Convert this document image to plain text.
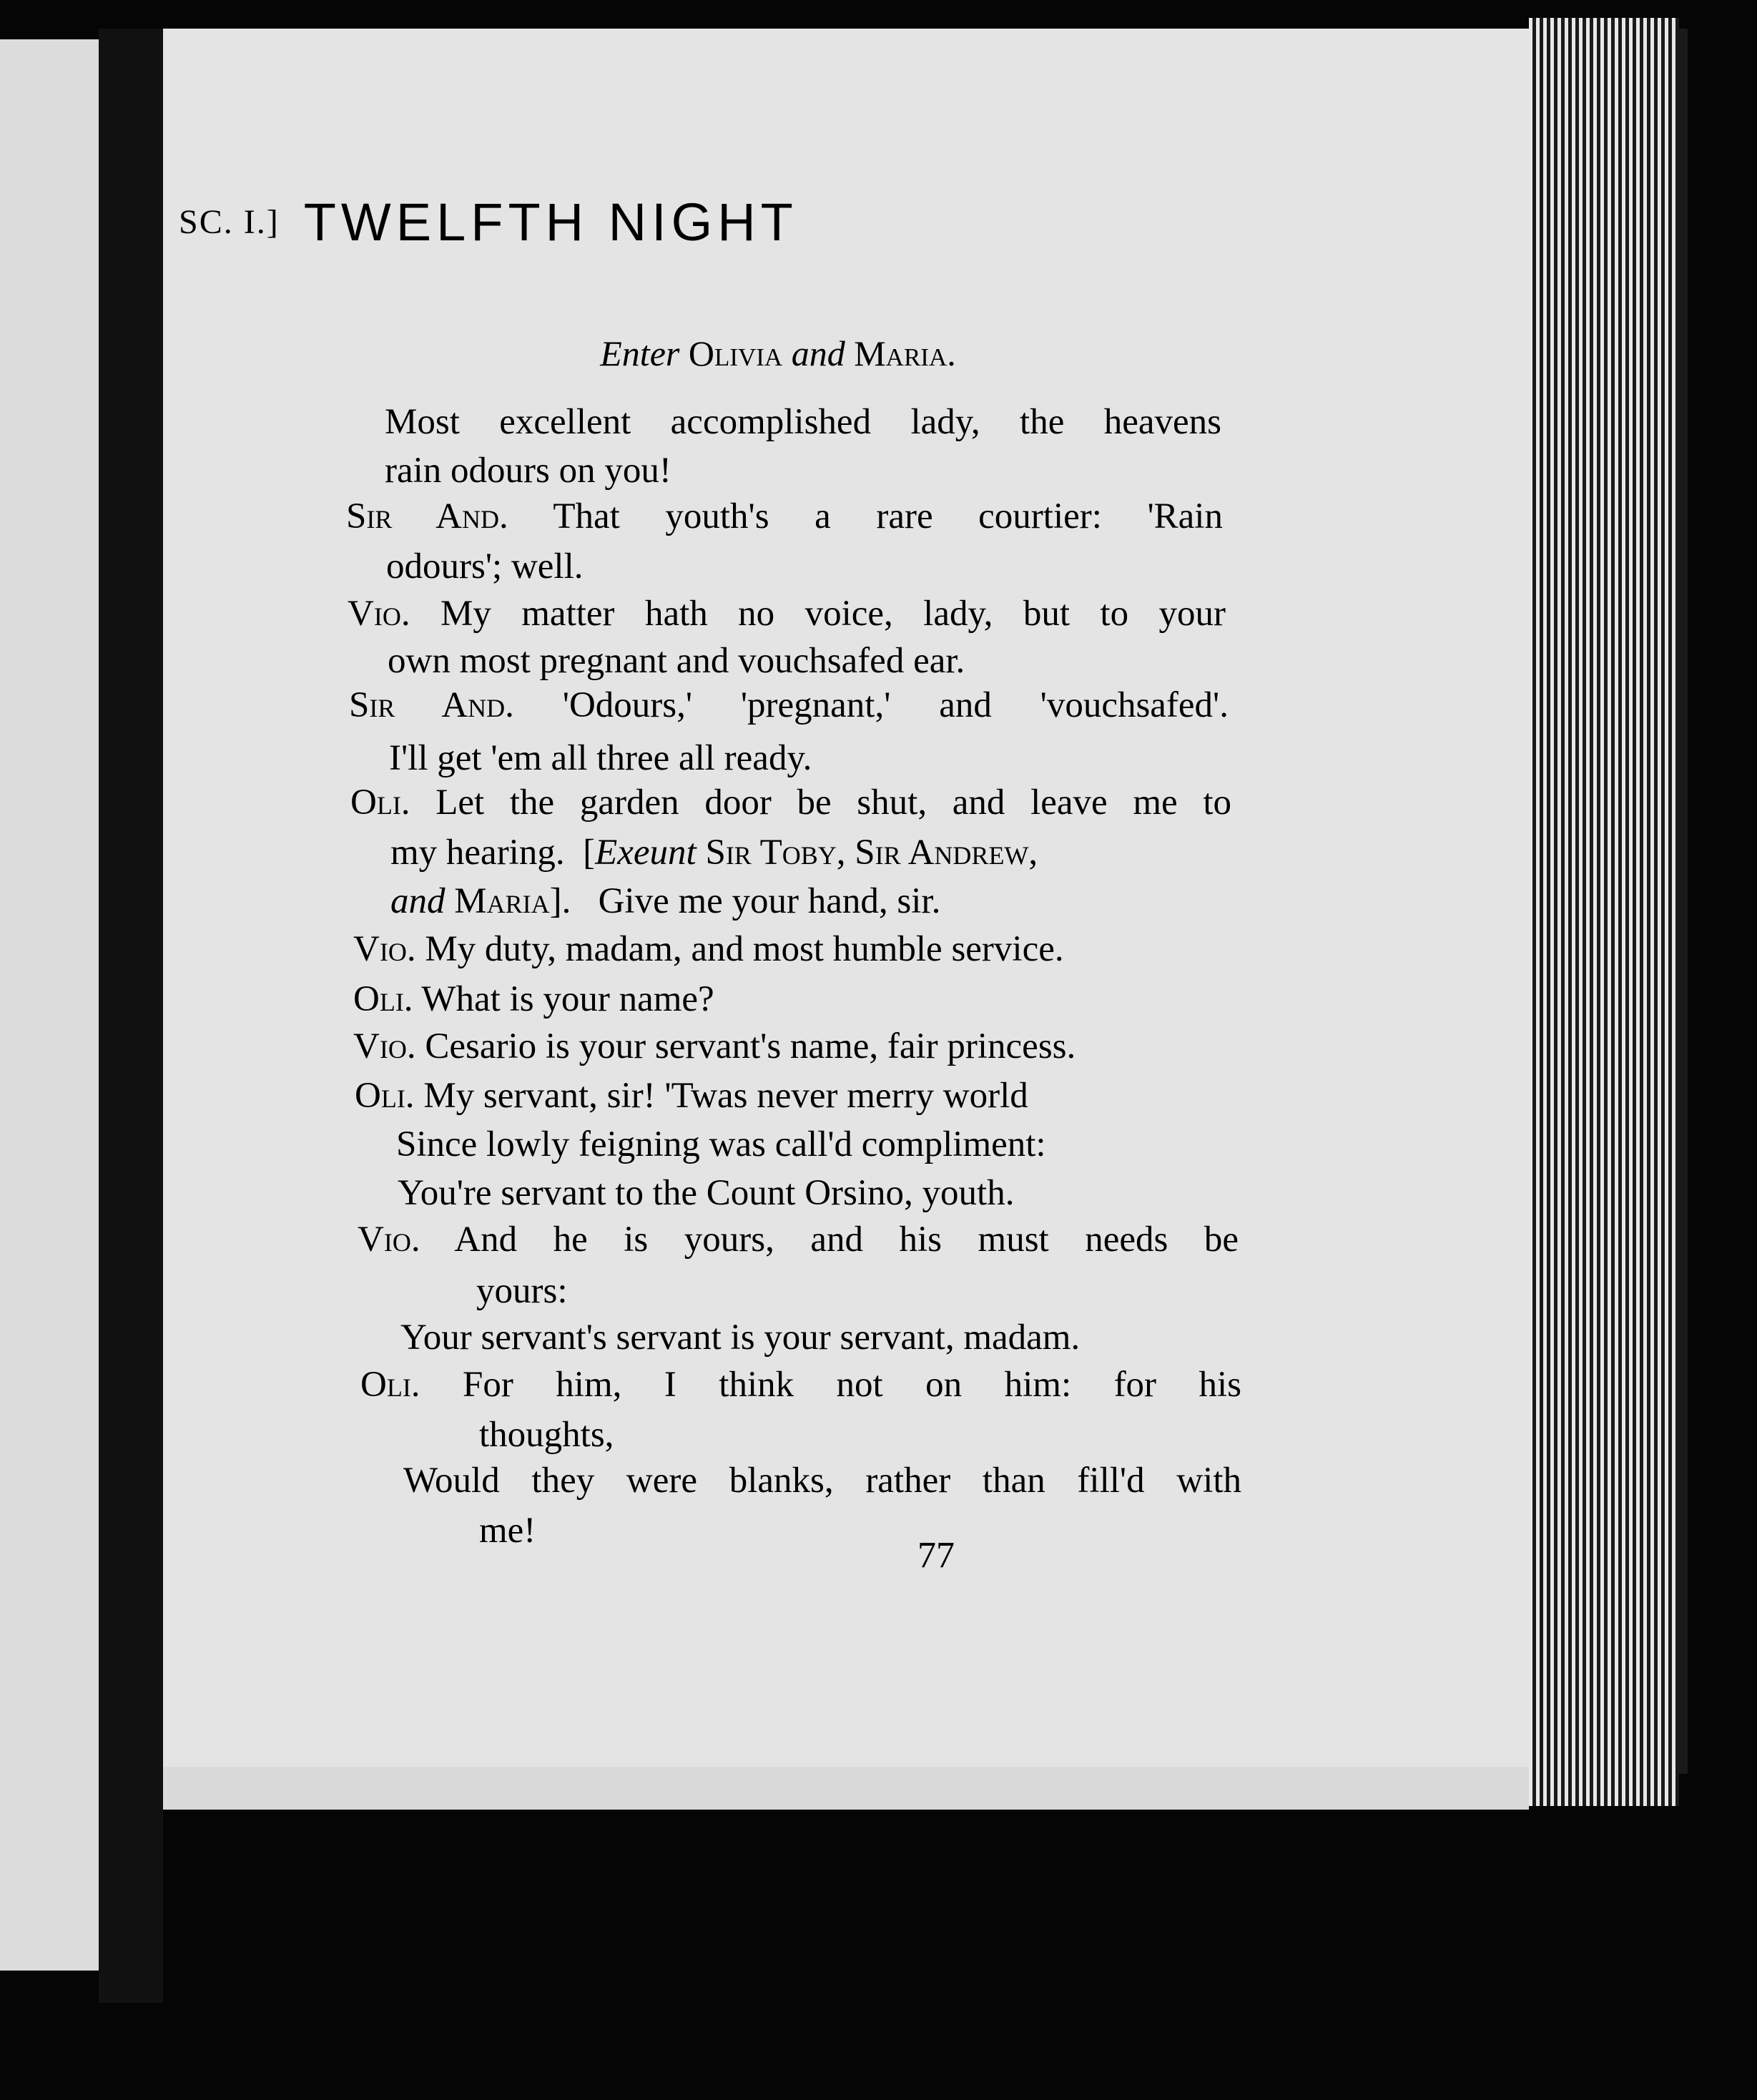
SC. I.] TWELFTH NIGHT
Enter Olivia and Maria.
Most excellent accomplished lady, the heavens
rain odours on you!
Sir And. That youth's a rare courtier: 'Rain
odours'; well.
Vio. My matter hath no voice, lady, but to your
own most pregnant and vouchsafed ear.
Sir And. 'Odours,' 'pregnant,' and 'vouchsafed'.
I'll get 'em all three all ready.
Oli. Let the garden door be shut, and leave me to
my hearing.  [Exeunt Sir Toby, Sir Andrew,
and Maria].   Give me your hand, sir.
Vio. My duty, madam, and most humble service.
Oli. What is your name?
Vio. Cesario is your servant's name, fair princess.
Oli. My servant, sir! 'Twas never merry world
Since lowly feigning was call'd compliment:
You're servant to the Count Orsino, youth.
Vio. And he is yours, and his must needs be
yours:
Your servant's servant is your servant, madam.
Oli. For him, I think not on him: for his
thoughts,
Would they were blanks, rather than fill'd with
me!
77
